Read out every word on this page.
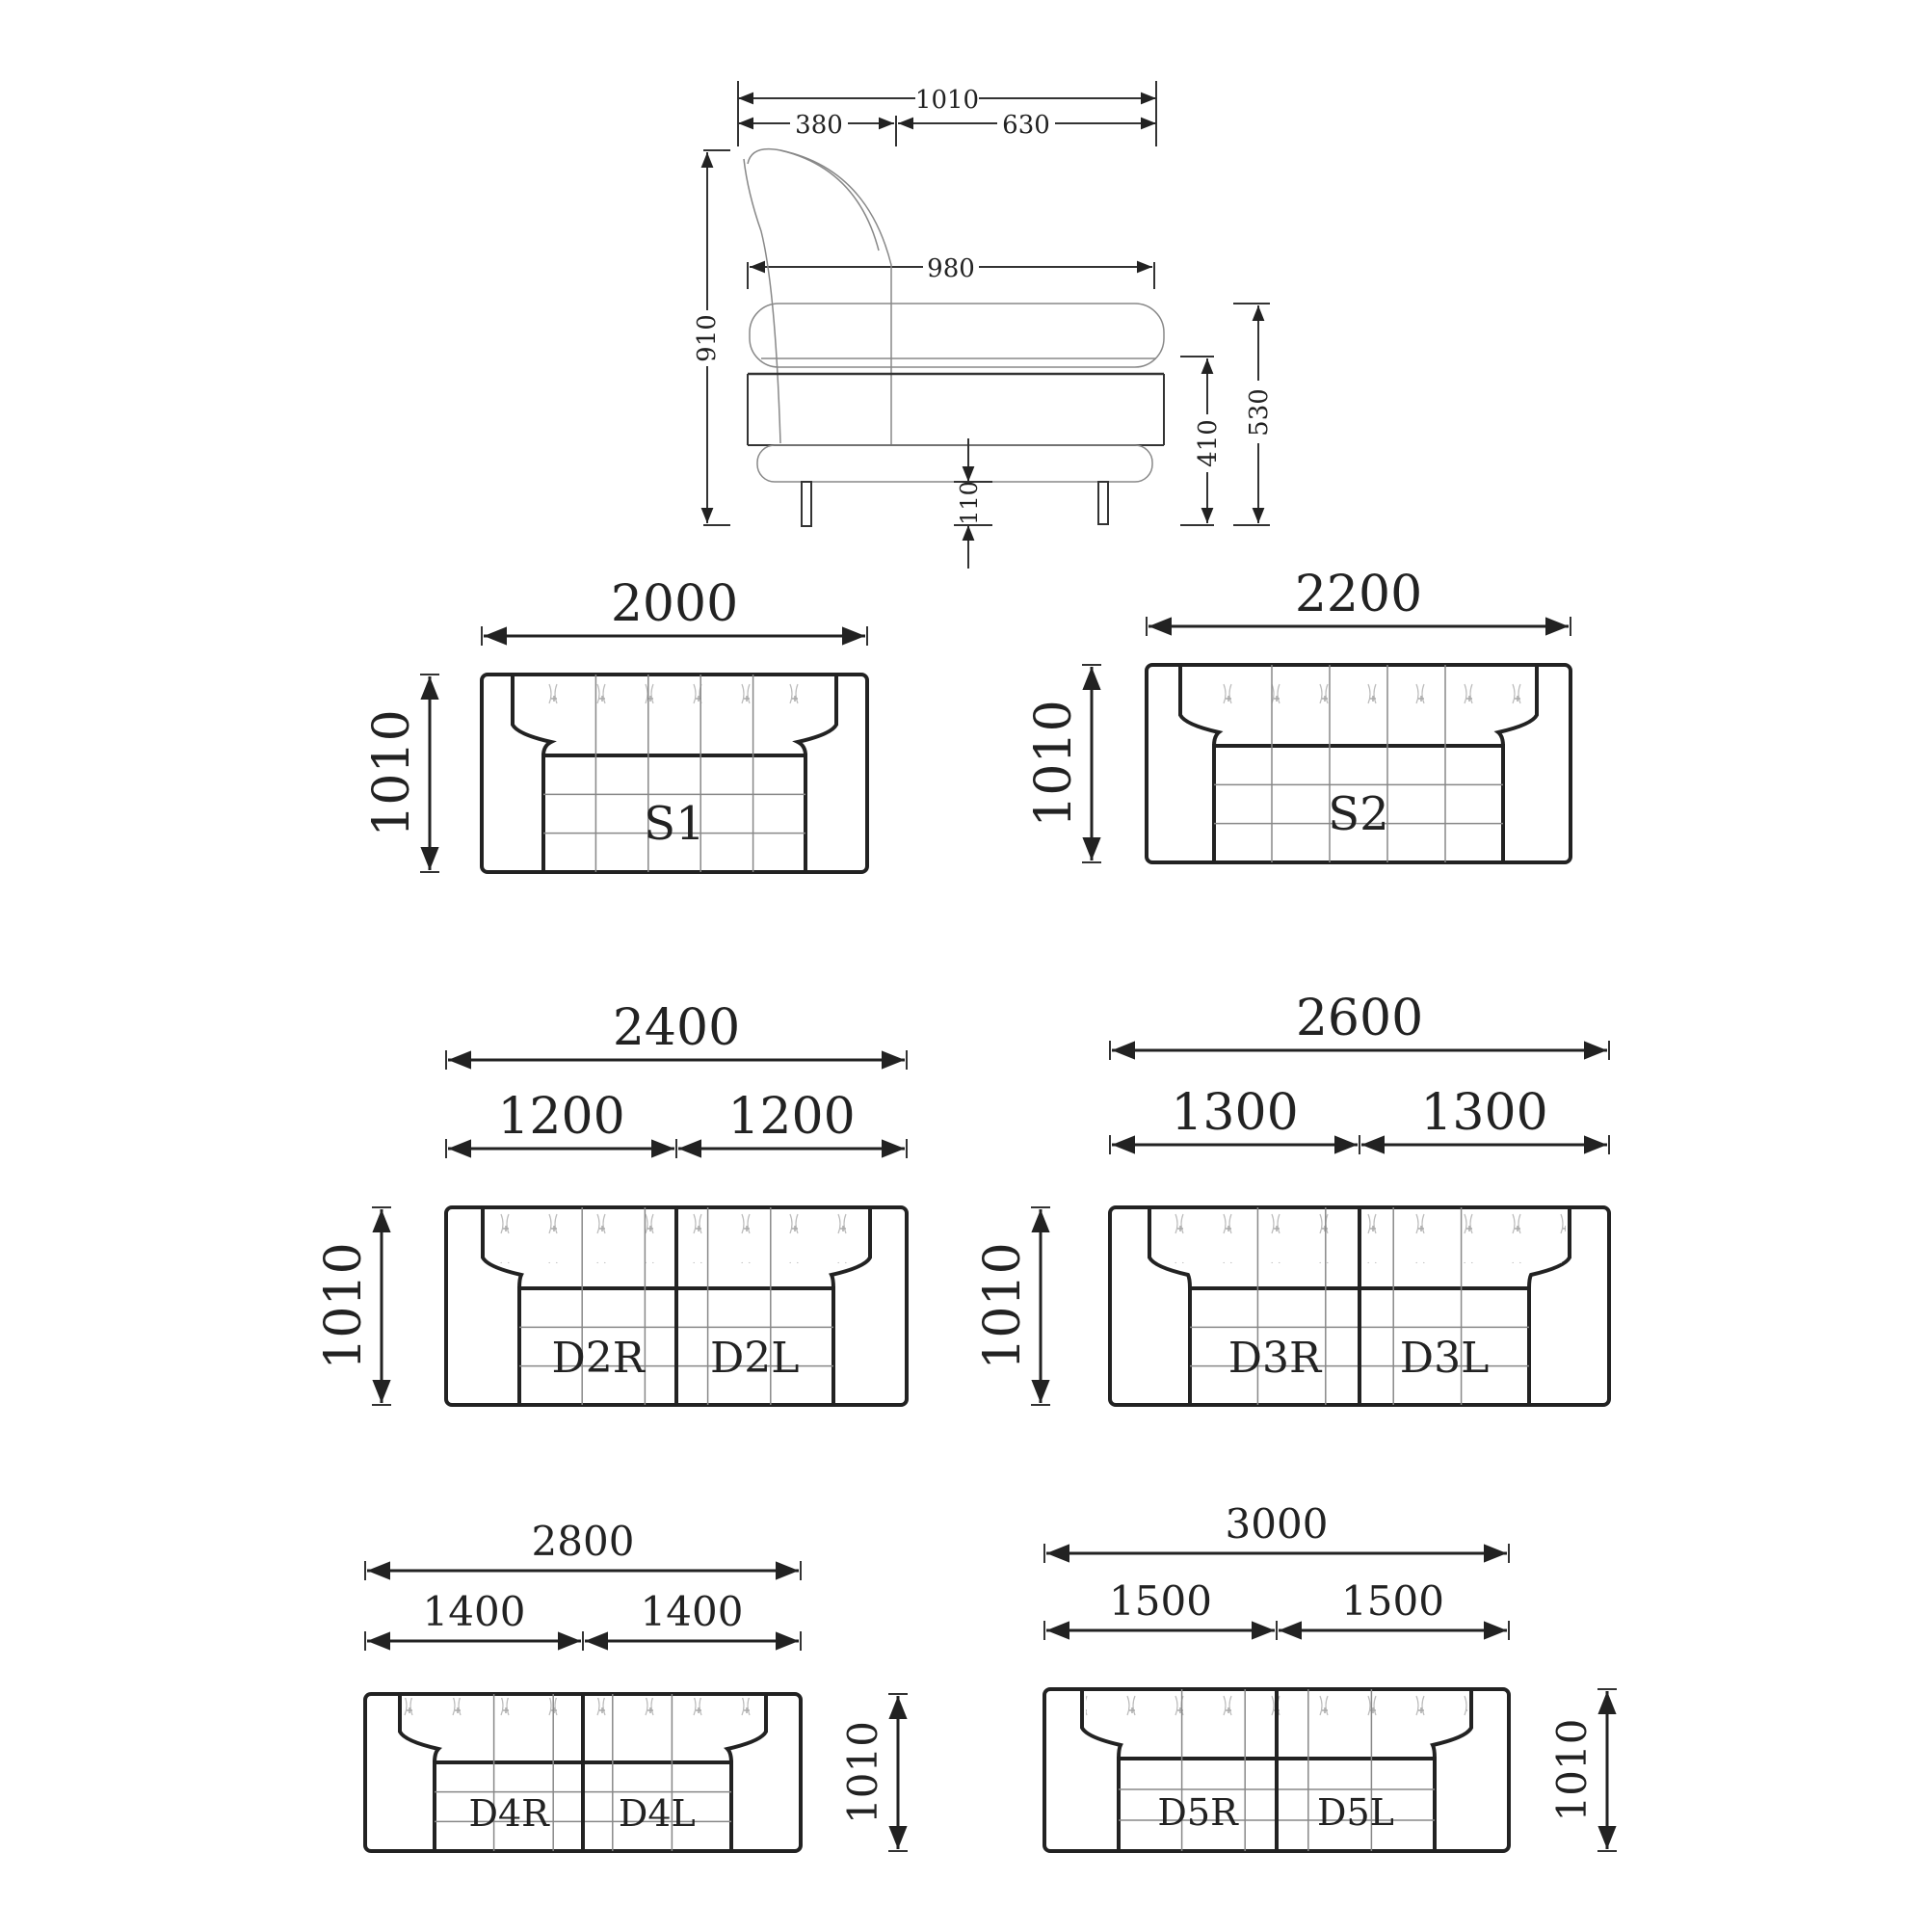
1010
380	630
980
910
410
530
110
2000
1010	S1
2200
1010	S2
2400
1200 1200
1010	D2R D2L
2600
1300 1300
1010	D3R D3L
2800
1400	1400
1010
D4R D4L
3000
1500	1500
1010
D5R D5L
